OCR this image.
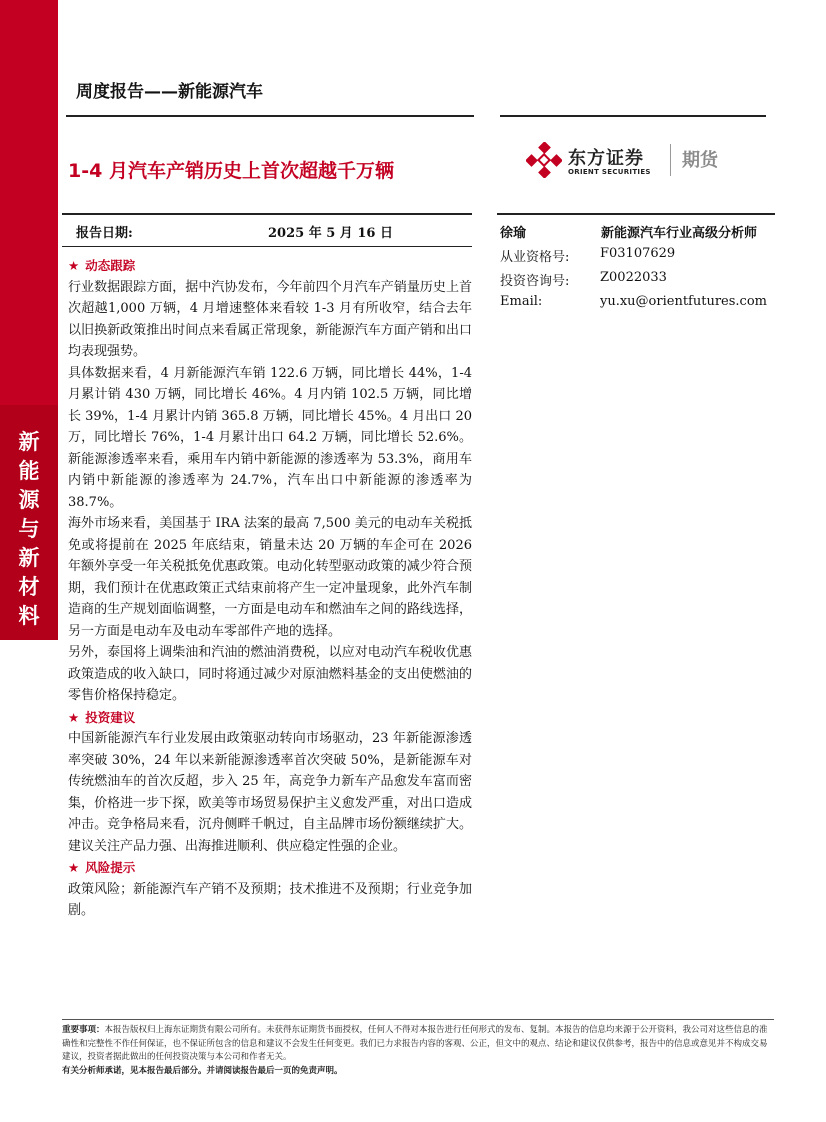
新
能
源
与
新
材
料
周度报告——新能源汽车
1-4 月汽车产销历史上首次超越千万辆
东方证券
ORIENT SECURITIES
期货
报告日期:	2025 年 5 月 16 日	徐瑜	新能源汽车行业高级分析师
从业资格号: F03107629
投资咨询号: Z0022033
Email:	yu.xu@orientfutures.com
★ 动态跟踪

行业数据跟踪方面，据中汽协发布，今年前四个月汽车产销量历史上首次超越1,000 万辆，4 月增速整体来看较 1-3 月有所收窄，结合去年以旧换新政策推出时间点来看属正常现象，新能源汽车方面产销和出口均表现强势。

具体数据来看，4 月新能源汽车销 122.6 万辆，同比增长 44%，1-4 月累计销 430 万辆，同比增长 46%。4 月内销 102.5 万辆，同比增长 39%，1-4 月累计内销 365.8 万辆，同比增长 45%。4 月出口 20 万，同比增长 76%，1-4 月累计出口 64.2 万辆，同比增长 52.6%。新能源渗透率来看，乘用车内销中新能源的渗透率为 53.3%，商用车内销中新能源的渗透率为 24.7%，汽车出口中新能源的渗透率为 38.7%。

海外市场来看，美国基于 IRA 法案的最高 7,500 美元的电动车关税抵免或将提前在 2025 年底结束，销量未达 20 万辆的车企可在 2026 年额外享受一年关税抵免优惠政策。电动化转型驱动政策的减少符合预期，我们预计在优惠政策正式结束前将产生一定冲量现象，此外汽车制造商的生产规划面临调整，一方面是电动车和燃油车之间的路线选择，另一方面是电动车及电动车零部件产地的选择。

另外，泰国将上调柴油和汽油的燃油消费税，以应对电动汽车税收优惠政策造成的收入缺口，同时将通过减少对原油燃料基金的支出使燃油的零售价格保持稳定。

★ 投资建议

中国新能源汽车行业发展由政策驱动转向市场驱动，23 年新能源渗透率突破 30%，24 年以来新能源渗透率首次突破 50%，是新能源车对传统燃油车的首次反超，步入 25 年，高竞争力新车产品愈发车富而密集，价格进一步下探，欧美等市场贸易保护主义愈发严重，对出口造成冲击。竞争格局来看，沉舟侧畔千帆过，自主品牌市场份额继续扩大。建议关注产品力强、出海推进顺利、供应稳定性强的企业。

★ 风险提示

政策风险；新能源汽车产销不及预期；技术推进不及预期；行业竞争加剧。

重要事项：本报告版权归上海东证期货有限公司所有。未获得东证期货书面授权，任何人不得对本报告进行任何形式的发布、复制。本报告的信息均来源于公开资料，我公司对这些信息的准确性和完整性不作任何保证，也不保证所包含的信息和建议不会发生任何变更。我们已力求报告内容的客观、公正，但文中的观点、结论和建议仅供参考，报告中的信息或意见并不构成交易建议，投资者据此做出的任何投资决策与本公司和作者无关。
有关分析师承诺，见本报告最后部分。并请阅读报告最后一页的免责声明。
